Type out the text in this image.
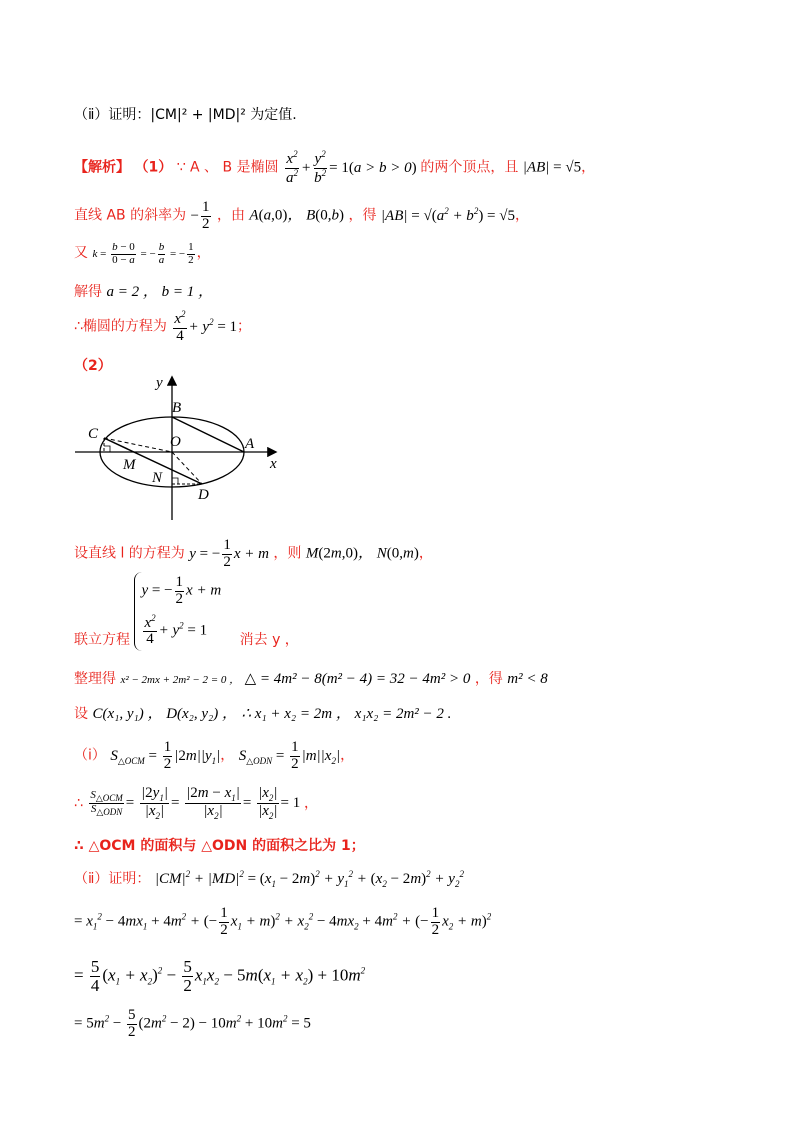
（ⅱ）证明：|CM|² + |MD|² 为定值.
【解析】 （1） ∵ A 、 B 是椭圆 $\frac{x^2}{a^2} + \frac{y^2}{b^2} = 1(a > b > 0)$ 的两个顶点，且 |AB| = √5，
直线 AB 的斜率为 − $\frac{1}{2}$ ，由 A(a,0)， B(0,b) ，得 $|AB| = √(a^2 + b^2) = √5$，
又 $k = \frac{b - 0}{0 - a}$ = − $\frac{b}{a}$ = − $\frac{1}{2}$ ，
解得 a = 2 ， b = 1 ，
∴椭圆的方程为 $\frac{x^2}{4} + y^2 = 1$；
（2）
y
x
B
A
O
C
M
N
D
设直线 l 的方程为 y = − $\frac{1}{2}$ x + m ，则 M(2m,0)， N(0,m)，
联立方程
y = − $\frac{1}{2}$ x + m
$\frac{x^2}{4} + y^2 = 1$
消去 y ，
整理得 x² − 2mx + 2m² − 2 = 0 ， △ = 4m² − 8(m² − 4) = 32 − 4m² > 0 ，得 m² < 8
设 C(x₁, y₁) ， D(x₂, y₂) ， ∴ x₁ + x₂ = 2m ， x₁x₂ = 2m² − 2 .
（ⅰ） $S_{\triangle OCM} = \frac{1}{2} |2m||y_1|$， $S_{\triangle ODN} = \frac{1}{2} |m||x_2|$，
∴ $\frac{S_{\triangle OCM}}{S_{\triangle ODN}} = \frac{|2y_1|}{|x_2|} = \frac{|2m - x_1|}{|x_2|} = \frac{|x_2|}{|x_2|} = 1$ ，
∴ △OCM 的面积与 △ODN 的面积之比为 1；
（ⅱ）证明： $|CM|^2 + |MD|^2 = (x_1 - 2m)^2 + y_1^2 + (x_2 - 2m)^2 + y_2^2$
= $x_1^2 - 4mx_1 + 4m^2$ + (− $\frac{1}{2} x_1 + m)^2 + x_2^2 - 4mx_2 + 4m^2$ + (− $\frac{1}{2} x_2 + m)^2$
= $\frac{5}{4} (x_1 + x_2)^2 - \frac{5}{2} x_1x_2 - 5m(x_1 + x_2) + 10m^2$
= $5m^2 - \frac{5}{2} (2m^2 - 2) - 10m^2 + 10m^2 = 5$
